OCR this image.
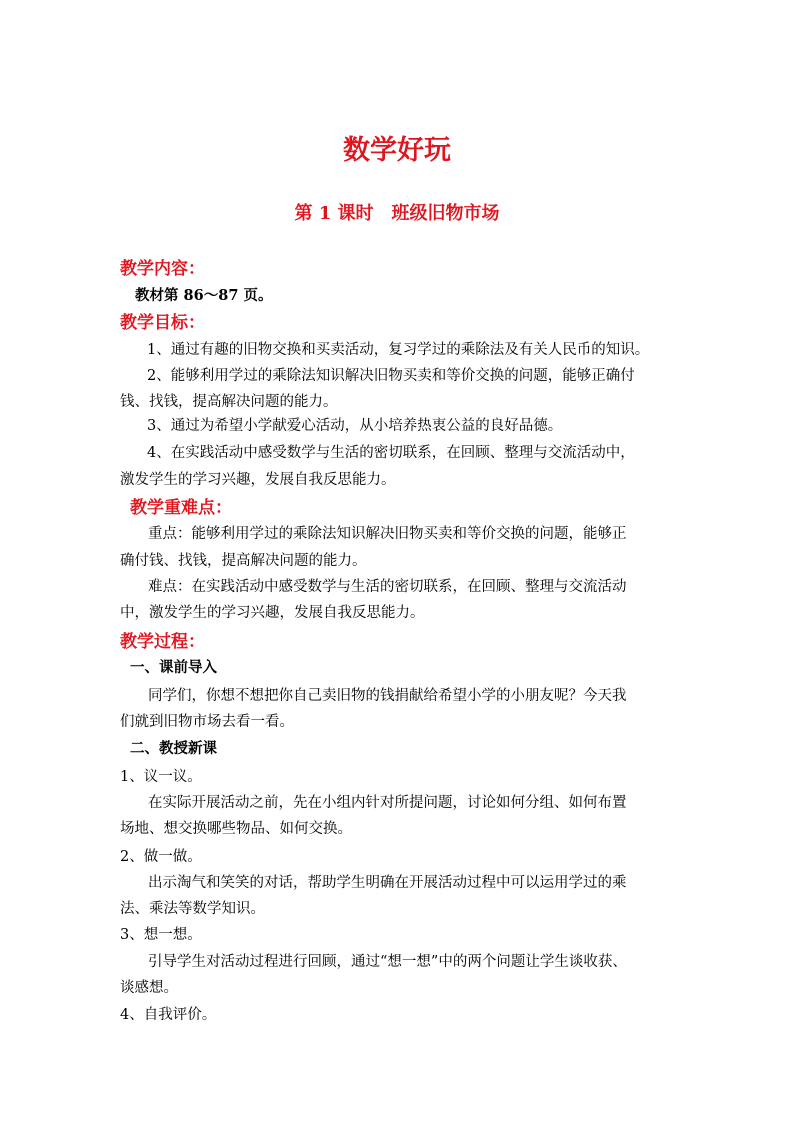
数学好玩
第 1 课时　班级旧物市场
教学内容：
教材第 86～87 页。
教学目标：
1、通过有趣的旧物交换和买卖活动，复习学过的乘除法及有关人民币的知识。
2、能够利用学过的乘除法知识解决旧物买卖和等价交换的问题，能够正确付
钱、找钱，提高解决问题的能力。
3、通过为希望小学献爱心活动，从小培养热衷公益的良好品德。
4、在实践活动中感受数学与生活的密切联系，在回顾、整理与交流活动中，
激发学生的学习兴趣，发展自我反思能力。
教学重难点：
重点：能够利用学过的乘除法知识解决旧物买卖和等价交换的问题，能够正
确付钱、找钱，提高解决问题的能力。
难点：在实践活动中感受数学与生活的密切联系，在回顾、整理与交流活动
中，激发学生的学习兴趣，发展自我反思能力。
教学过程：
一、课前导入
同学们，你想不想把你自己卖旧物的钱捐献给希望小学的小朋友呢？今天我
们就到旧物市场去看一看。
二、教授新课
1、议一议。
在实际开展活动之前，先在小组内针对所提问题，讨论如何分组、如何布置
场地、想交换哪些物品、如何交换。
2、做一做。
出示淘气和笑笑的对话，帮助学生明确在开展活动过程中可以运用学过的乘
法、乘法等数学知识。
3、想一想。
引导学生对活动过程进行回顾，通过“想一想”中的两个问题让学生谈收获、
谈感想。
4、自我评价。
